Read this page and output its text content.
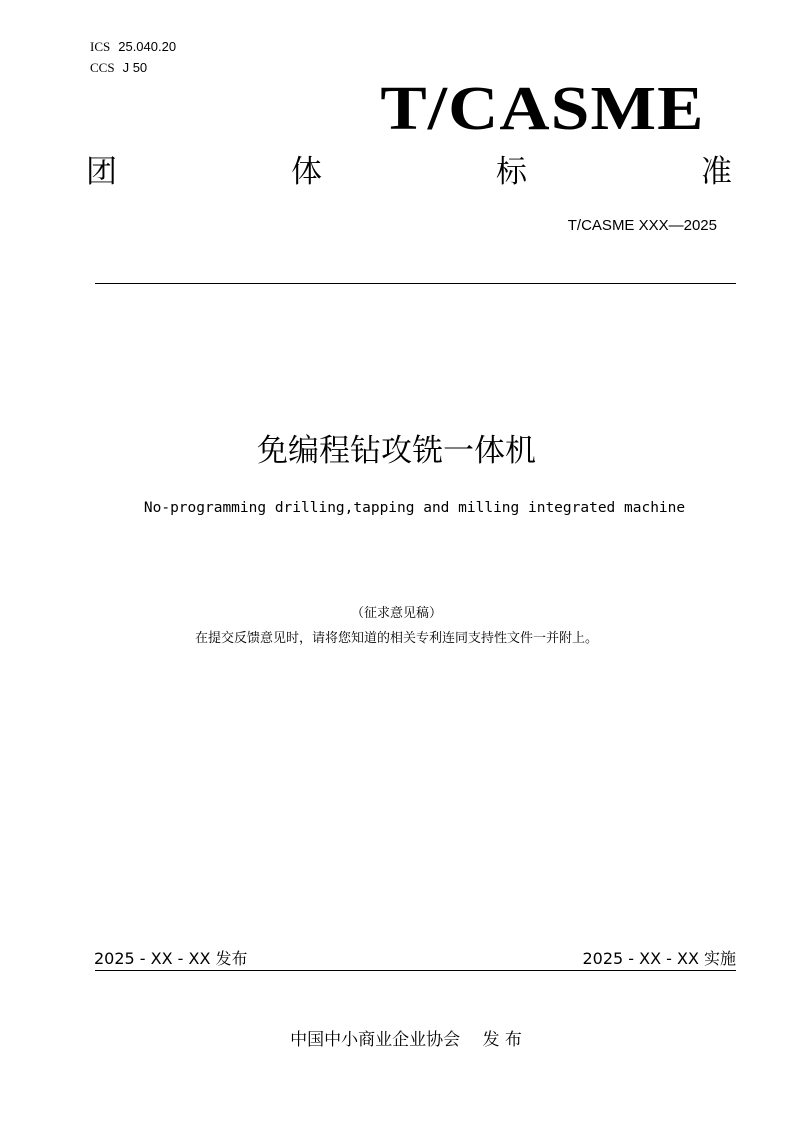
ICS 25.040.20
CCS J 50
T/CASME
团	体	标	准
T/CASME XXX—2025
免编程钻攻铣一体机
No-programming drilling,tapping and milling integrated machine
（征求意见稿）
在提交反馈意见时，请将您知道的相关专利连同支持性文件一并附上。
2025 - XX - XX 发布	2025 - XX - XX 实施
中国中小商业企业协会　 发 布
